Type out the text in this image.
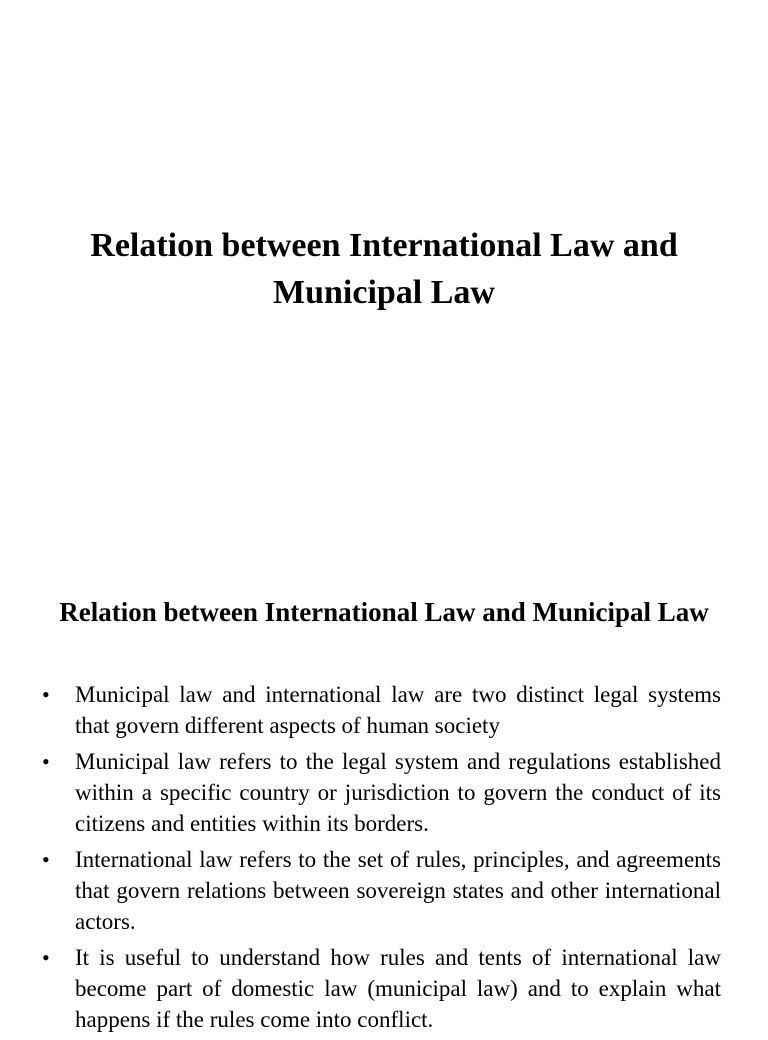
Relation between International Law and Municipal Law
Relation between International Law and Municipal Law
•	Municipal law and international law are two distinct legal systems that govern different aspects of human society
•	Municipal law refers to the legal system and regulations established within a specific country or jurisdiction to govern the conduct of its citizens and entities within its borders.
•	International law refers to the set of rules, principles, and agreements that govern relations between sovereign states and other international actors.
•	It is useful to understand how rules and tents of international law become part of domestic law (municipal law) and to explain what happens if the rules come into conflict.
